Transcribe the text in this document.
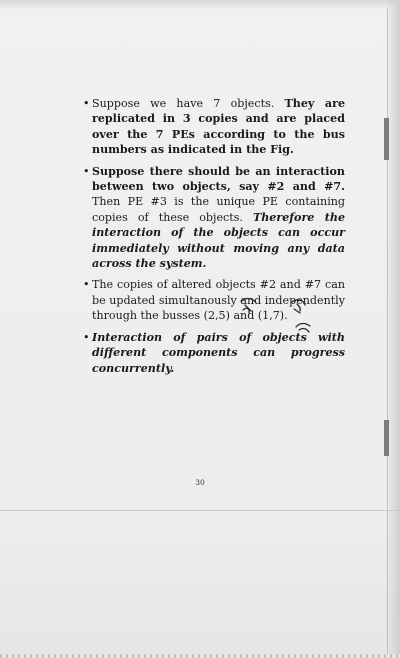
• Suppose we have 7 objects. They are replicated in 3 copies and are placed over the 7 PEs according to the bus numbers as indicated in the Fig.
• Suppose there should be an interaction between two objects, say #2 and #7. Then PE #3 is the unique PE containing copies of these objects. Therefore the interaction of the objects can occur immediately without moving any data across the system.
• The copies of altered objects #2 and #7 can be updated simultanously and independently through the busses (2,5) and (1,7).
• Interaction of pairs of objects with different components can progress concurrently.
30
